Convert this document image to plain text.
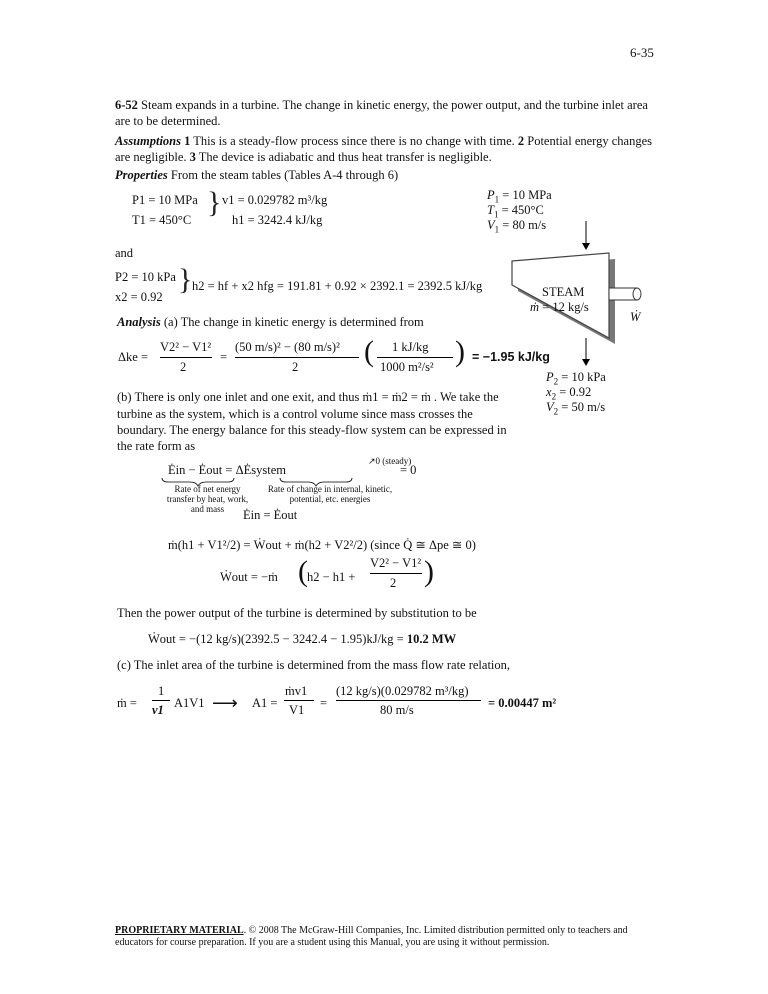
6-35
6-52 Steam expands in a turbine. The change in kinetic energy, the power output, and the turbine inlet area are to be determined.
Assumptions 1 This is a steady-flow process since there is no change with time. 2 Potential energy changes are negligible. 3 The device is adiabatic and thus heat transfer is negligible.
Properties From the steam tables (Tables A-4 through 6)
P1 = 10 MPa
T1 = 450°C
} v1 = 0.029782 m³/kg
h1 = 3242.4 kJ/kg
and
P2 = 10 kPa
x2 = 0.92
} h2 = hf + x2 hfg = 191.81 + 0.92 × 2392.1 = 2392.5 kJ/kg
$P_1 = 10$ MPa
$T_1 = 450^\circ C$
$V_1 = 80$ m/s
STEAM
ṁ = 12 kg/s
Ẇ
$P_2 = 10$ kPa
$x_2 = 0.92$
$V_2 = 50$ m/s
Analysis (a) The change in kinetic energy is determined from
Δke =
V2² − V1²
2
=
(50 m/s)² − (80 m/s)²
2 ( 1 kJ/kg
1000 m²/s² ) = −1.95 kJ/kg
(b) There is only one inlet and one exit, and thus ṁ1 = ṁ2 = ṁ . We take the
turbine as the system, which is a control volume since mass crosses the boundary. The energy balance for this steady-flow system can be expressed in the rate form as
↗0 (steady)
Ėin − Ėout = ΔĖsystem	= 0
Rate of net energy transfer by heat, work, and mass
Rate of change in internal, kinetic, potential, etc. energies
Ėin = Ėout
ṁ(h1 + V1²/2) = Ẇout + ṁ(h2 + V2²/2) (since Q̇ ≅ Δpe ≅ 0)
Ẇout = −ṁ ( h2 − h1 +
V2² − V1²
2 )
Then the power output of the turbine is determined by substitution to be
Ẇout = −(12 kg/s)(2392.5 − 3242.4 − 1.95)kJ/kg = 10.2 MW
(c) The inlet area of the turbine is determined from the mass flow rate relation,
ṁ =
1
v1 A1V1 ⟶ A1 =
ṁv1
V1 =
(12 kg/s)(0.029782 m³/kg)
80 m/s	= 0.00447 m²
PROPRIETARY MATERIAL. © 2008 The McGraw-Hill Companies, Inc. Limited distribution permitted only to teachers and educators for course preparation. If you are a student using this Manual, you are using it without permission.
